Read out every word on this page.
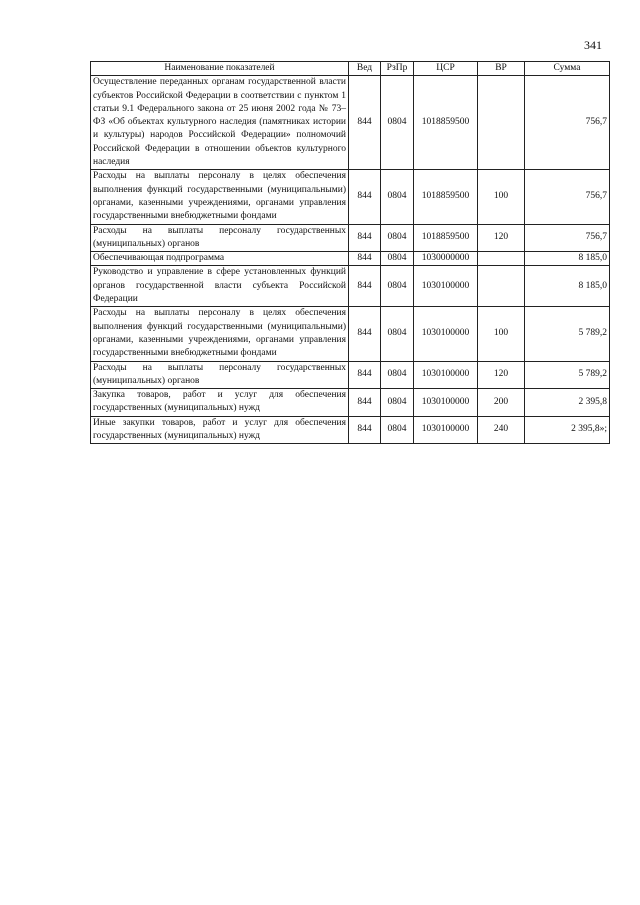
341
Наименование показателей	Вед	РзПр	ЦСР	ВР	Сумма
Осуществление переданных органам государственной власти субъектов Российской Федерации в соответствии с пунктом 1 статьи 9.1 Федерального закона от 25 июня 2002 года № 73–ФЗ «Об объектах культурного наследия (памятниках истории и культуры) народов Российской Федерации» полномочий Российской Федерации в отношении объектов культурного наследия	844	0804	1018859500		756,7
Расходы на выплаты персоналу в целях обеспечения выполнения функций государственными (муниципальными) органами, казенными учреждениями, органами управления государственными внебюджетными фондами	844	0804	1018859500	100	756,7
Расходы на выплаты персоналу государственных (муниципальных) органов	844	0804	1018859500	120	756,7
Обеспечивающая подпрограмма	844	0804	1030000000		8 185,0
Руководство и управление в сфере установленных функций органов государственной власти субъекта Российской Федерации	844	0804	1030100000		8 185,0
Расходы на выплаты персоналу в целях обеспечения выполнения функций государственными (муниципальными) органами, казенными учреждениями, органами управления государственными внебюджетными фондами	844	0804	1030100000	100	5 789,2
Расходы на выплаты персоналу государственных (муниципальных) органов	844	0804	1030100000	120	5 789,2
Закупка товаров, работ и услуг для обеспечения государственных (муниципальных) нужд	844	0804	1030100000	200	2 395,8
Иные закупки товаров, работ и услуг для обеспечения государственных (муниципальных) нужд	844	0804	1030100000	240	2 395,8»;
